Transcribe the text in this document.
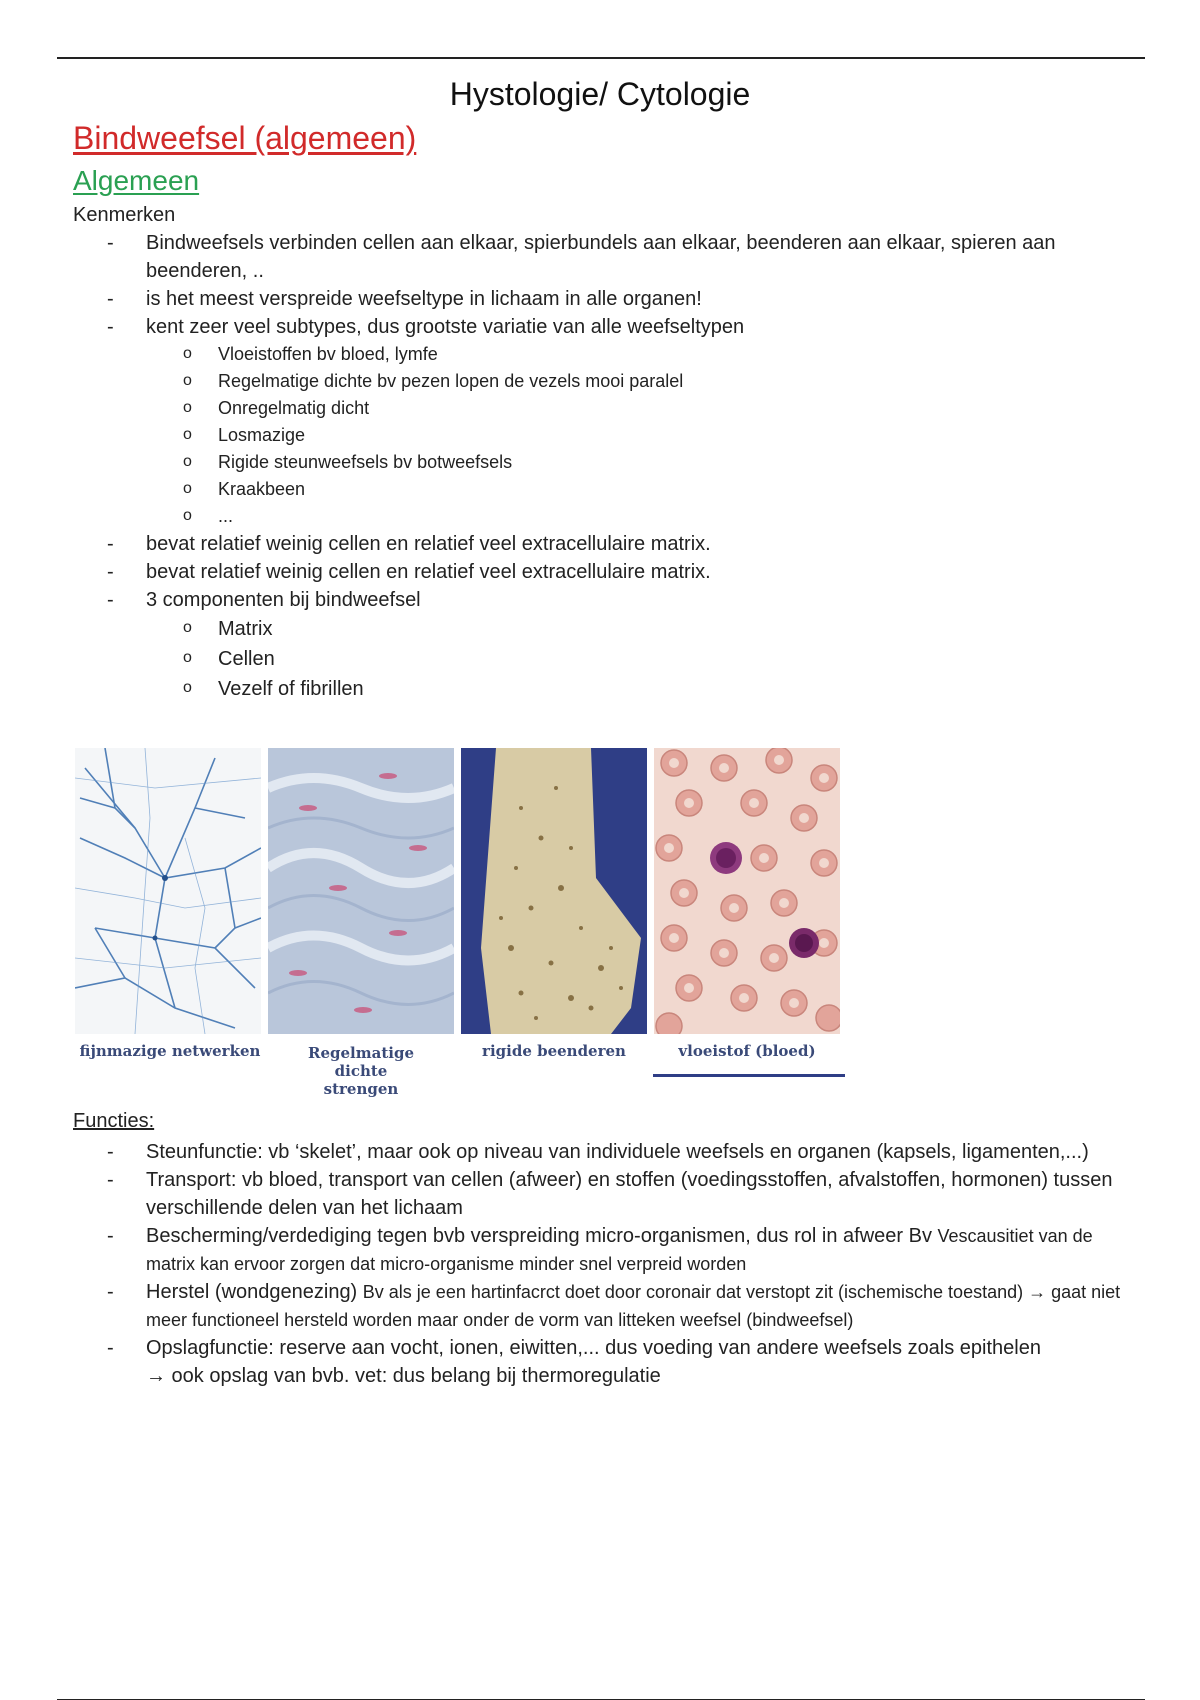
Hystologie/ Cytologie
Bindweefsel (algemeen)
Algemeen

Kenmerken

- Bindweefsels verbinden cellen aan elkaar, spierbundels aan elkaar, beenderen aan elkaar, spieren aan beenderen, ..
- is het meest verspreide weefseltype in lichaam in alle organen!
- kent zeer veel subtypes, dus grootste variatie van alle weefseltypen
o Vloeistoffen bv bloed, lymfe
o Regelmatige dichte bv pezen lopen de vezels mooi paralel
o Onregelmatig dicht
o Losmazige
o Rigide steunweefsels bv botweefsels
o Kraakbeen
o ...
- bevat relatief weinig cellen en relatief veel extracellulaire matrix.
- bevat relatief weinig cellen en relatief veel extracellulaire matrix.
- 3 componenten bij bindweefsel
o Matrix
o Cellen
o Vezelf of fibrillen
fijnmazige netwerken	Regelmatige dichte strengen
rigide beenderen	vloeistof (bloed)
Functies:
- Steunfunctie: vb ‘skelet’, maar ook op niveau van individuele weefsels en organen (kapsels, ligamenten,...)
- Transport: vb bloed, transport van cellen (afweer) en stoffen (voedingsstoffen, afvalstoffen, hormonen) tussen verschillende delen van het lichaam
- Bescherming/verdediging tegen bvb verspreiding micro-organismen, dus rol in afweer Bv Vescausitiet van de matrix kan ervoor zorgen dat micro-organisme minder snel verpreid worden
- Herstel (wondgenezing) Bv als je een hartinfacrct doet door coronair dat verstopt zit (ischemische toestand) → gaat niet meer functioneel hersteld worden maar onder de vorm van litteken weefsel (bindweefsel)
- Opslagfunctie: reserve aan vocht, ionen, eiwitten,... dus voeding van andere weefsels zoals epithelen
→ ook opslag van bvb. vet: dus belang bij thermoregulatie
